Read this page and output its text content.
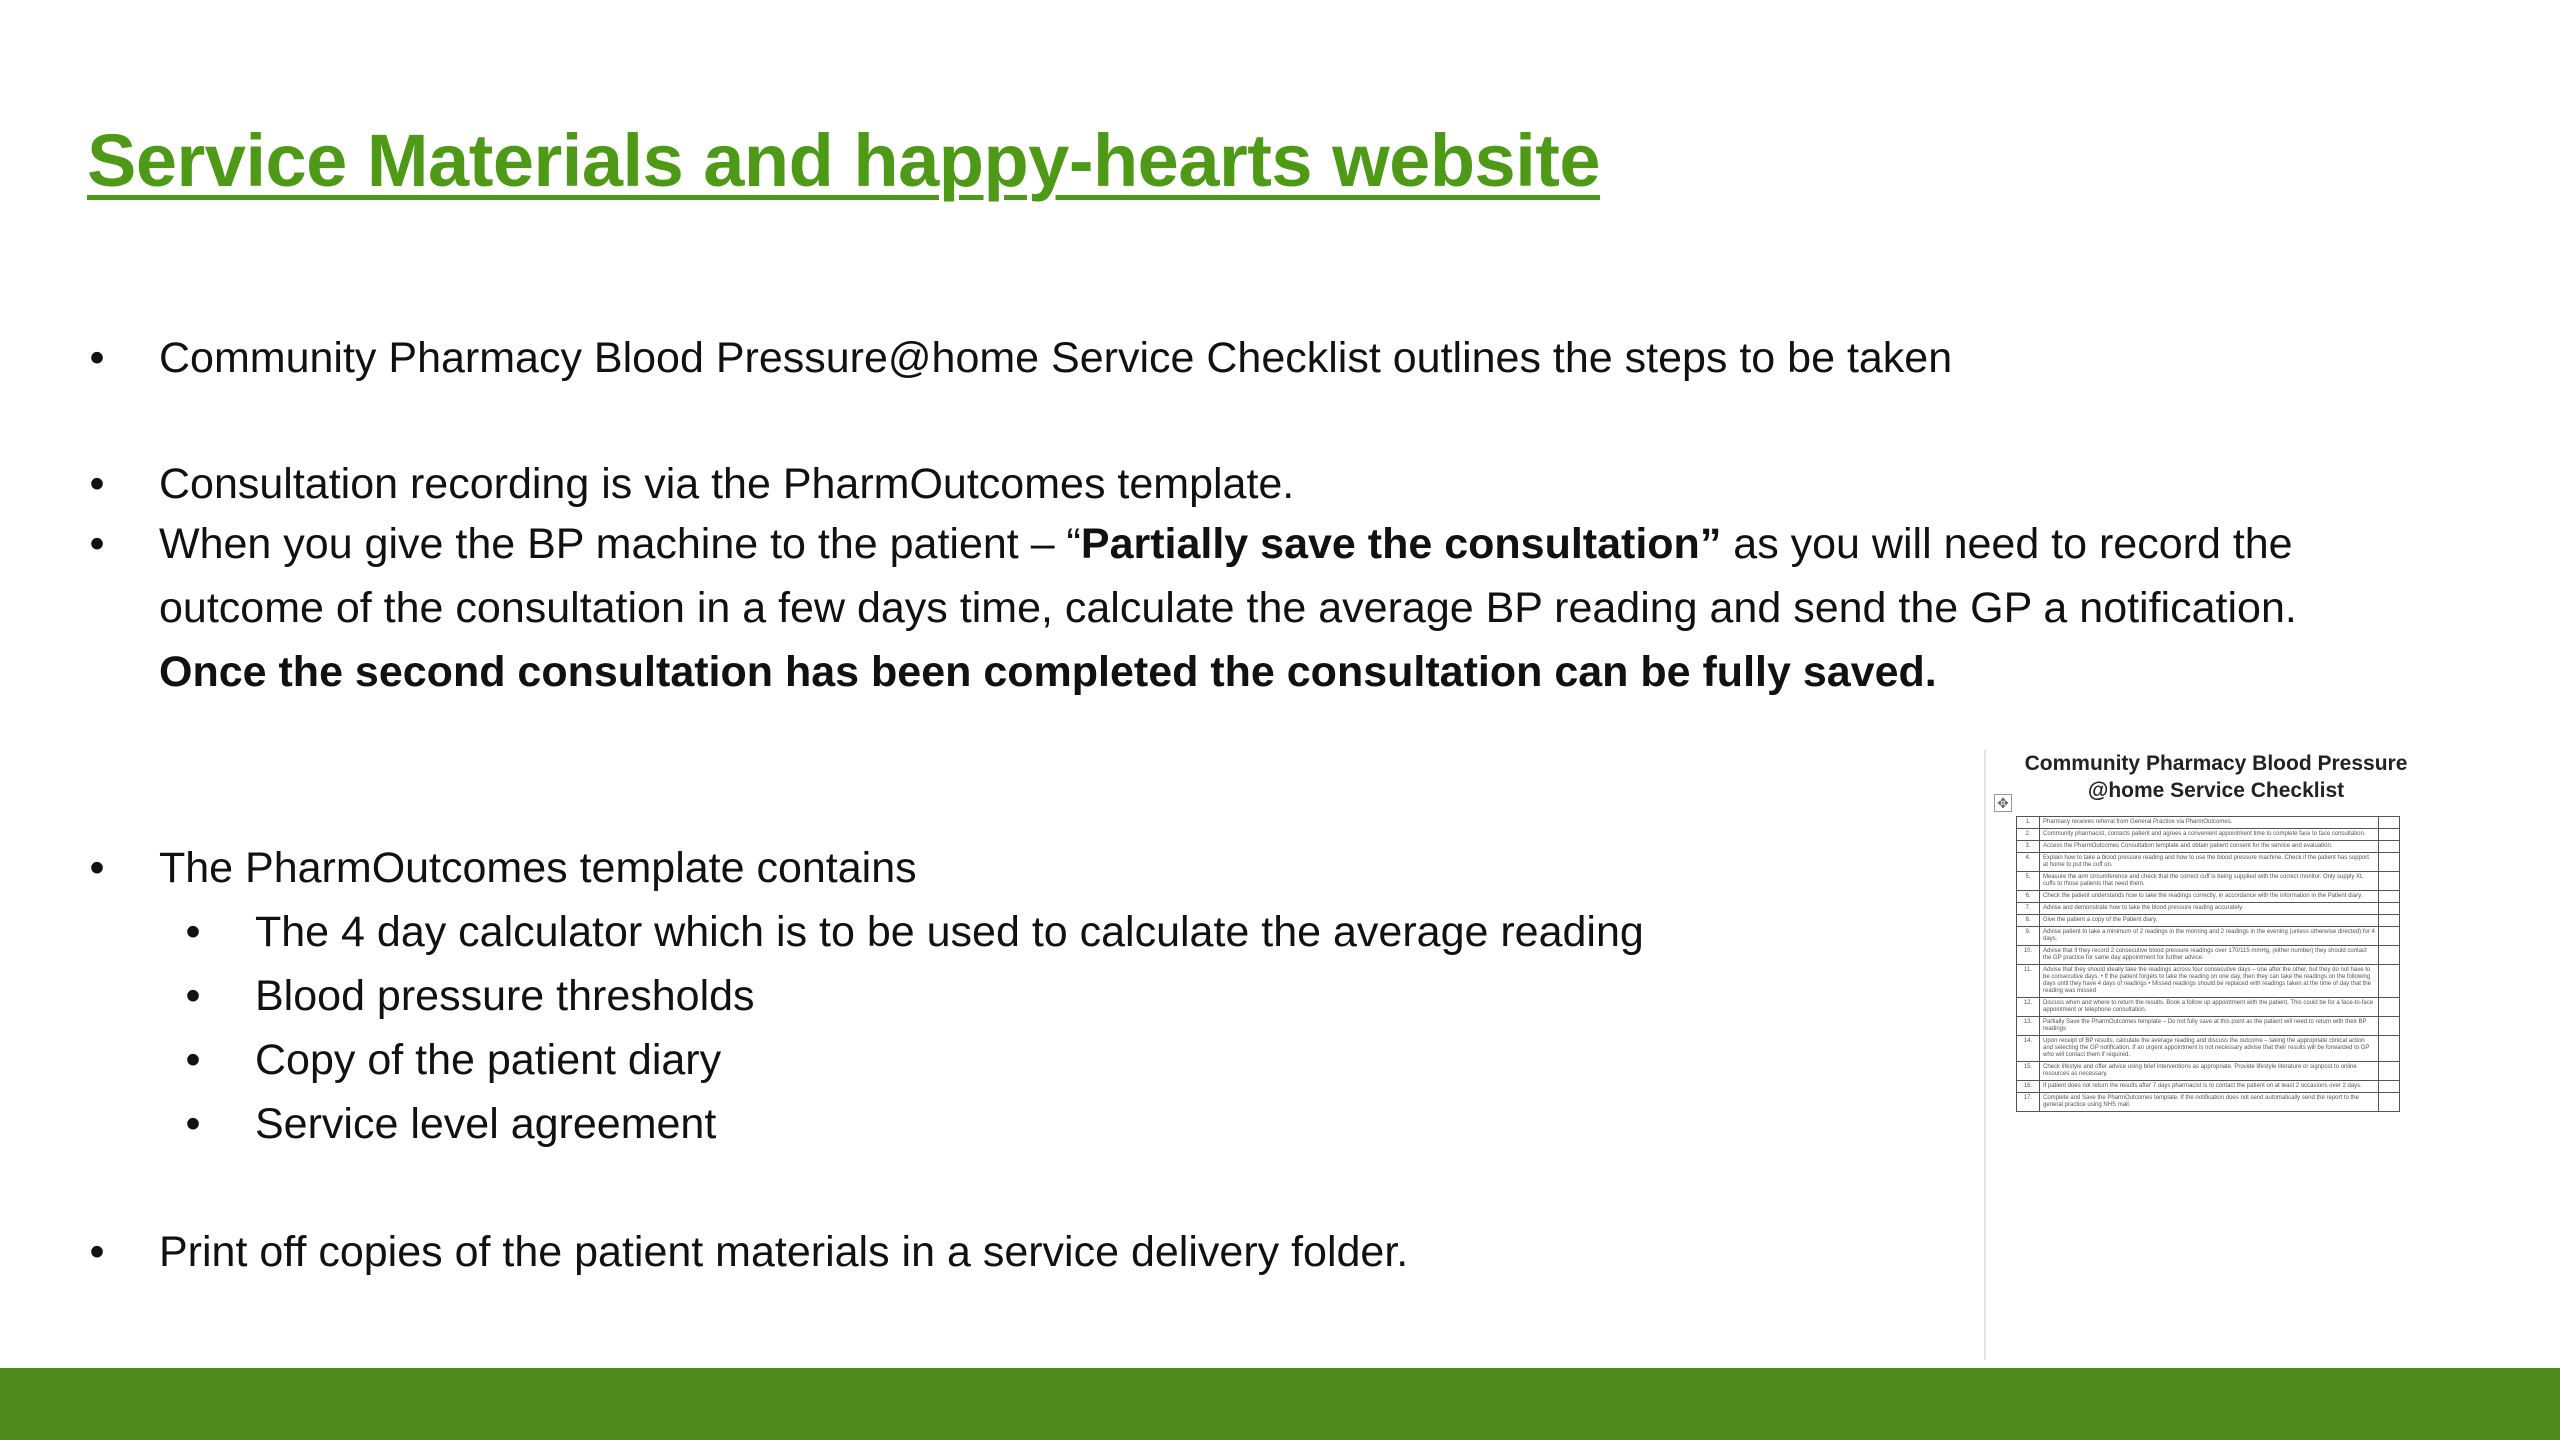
Service Materials and happy-hearts website
• Community Pharmacy Blood Pressure@home Service Checklist outlines the steps to be taken
• Consultation recording is via the PharmOutcomes template.
• When you give the BP machine to the patient – “Partially save the consultation” as you will need to record the outcome of the consultation in a few days time, calculate the average BP reading and send the GP a notification. Once the second consultation has been completed the consultation can be fully saved.
• The PharmOutcomes template contains
• The 4 day calculator which is to be used to calculate the average reading
• Blood pressure thresholds
• Copy of the patient diary
• Service level agreement
• Print off copies of the patient materials in a service delivery folder.
Community Pharmacy Blood Pressure
@home Service Checklist
✥
1.	Pharmacy receives referral from General Practice via PharmOutcomes.	
2.	Community pharmacist, contacts patient and agrees a convenient appointment time to complete face to face consultation.	
3.	Access the PharmOutcomes Consultation template and obtain patient consent for the service and evaluation.	
4.	Explain how to take a blood pressure reading and how to use the blood pressure machine. Check if the patient has support at home to put the cuff on.	
5.	Measure the arm circumference and check that the correct cuff is being supplied with the correct monitor. Only supply XL cuffs to those patients that need them.	
6.	Check the patient understands how to take the readings correctly, in accordance with the information in the Patient diary.	
7.	Advise and demonstrate how to take the blood pressure reading accurately.	
8.	Give the patient a copy of the Patient diary.	
9.	Advise patient to take a minimum of 2 readings in the morning and 2 readings in the evening (unless otherwise directed) for 4 days.	
10.	Advise that if they record 2 consecutive blood pressure readings over 170/115 mmHg, (either number) they should contact the GP practice for same day appointment for further advice.	
11.	Advise that they should ideally take the readings across four consecutive days – one after the other, but they do not have to be consecutive days. • If the patient forgets to take the reading on one day, then they can take the readings on the following days until they have 4 days of readings • Missed readings should be replaced with readings taken at the time of day that the reading was missed	
12.	Discuss when and where to return the results. Book a follow up appointment with the patient. This could be for a face-to-face appointment or telephone consultation.	
13.	Partially Save the PharmOutcomes template – Do not fully save at this point as the patient will need to return with their BP readings	
14.	Upon receipt of BP results, calculate the average reading and discuss the outcome – taking the appropriate clinical action and selecting the GP notification. If an urgent appointment is not necessary advise that their results will be forwarded to GP who will contact them if required.	
15.	Check lifestyle and offer advice using brief interventions as appropriate. Provide lifestyle literature or signpost to online resources as necessary.	
16.	If patient does not return the results after 7 days pharmacist is to contact the patient on at least 2 occasions over 2 days.	
17.	Complete and Save the PharmOutcomes template. If the notification does not send automatically send the report to the general practice using NHS mail.	
